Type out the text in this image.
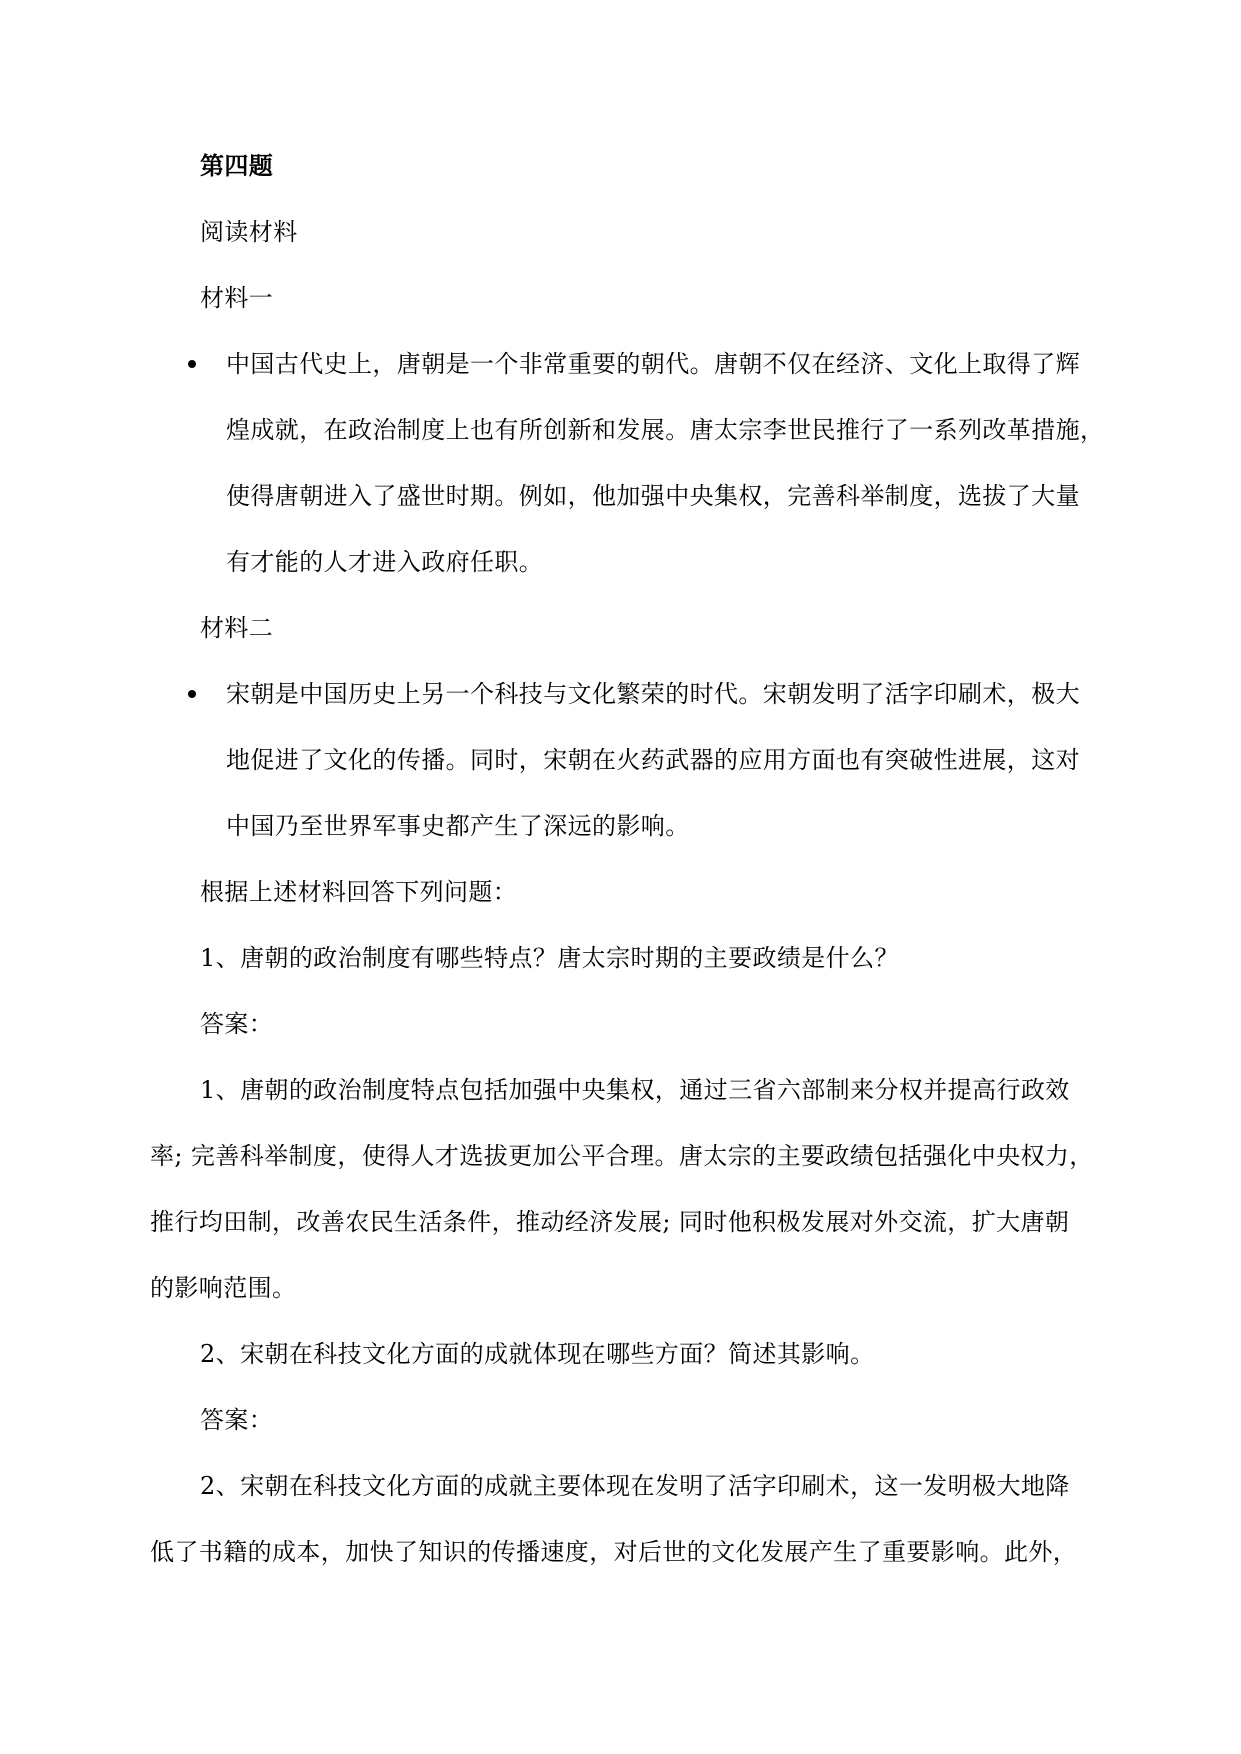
第四题
阅读材料
材料一
中国古代史上，唐朝是一个非常重要的朝代。唐朝不仅在经济、文化上取得了辉
煌成就，在政治制度上也有所创新和发展。唐太宗李世民推行了一系列改革措施，
使得唐朝进入了盛世时期。例如，他加强中央集权，完善科举制度，选拔了大量
有才能的人才进入政府任职。
材料二
宋朝是中国历史上另一个科技与文化繁荣的时代。宋朝发明了活字印刷术，极大
地促进了文化的传播。同时，宋朝在火药武器的应用方面也有突破性进展，这对
中国乃至世界军事史都产生了深远的影响。
根据上述材料回答下列问题：
1、唐朝的政治制度有哪些特点？唐太宗时期的主要政绩是什么？
答案：
1、唐朝的政治制度特点包括加强中央集权，通过三省六部制来分权并提高行政效
率; 完善科举制度，使得人才选拔更加公平合理。唐太宗的主要政绩包括强化中央权力，
推行均田制，改善农民生活条件，推动经济发展; 同时他积极发展对外交流，扩大唐朝
的影响范围。
2、宋朝在科技文化方面的成就体现在哪些方面？简述其影响。
答案：
2、宋朝在科技文化方面的成就主要体现在发明了活字印刷术，这一发明极大地降
低了书籍的成本，加快了知识的传播速度，对后世的文化发展产生了重要影响。此外，
